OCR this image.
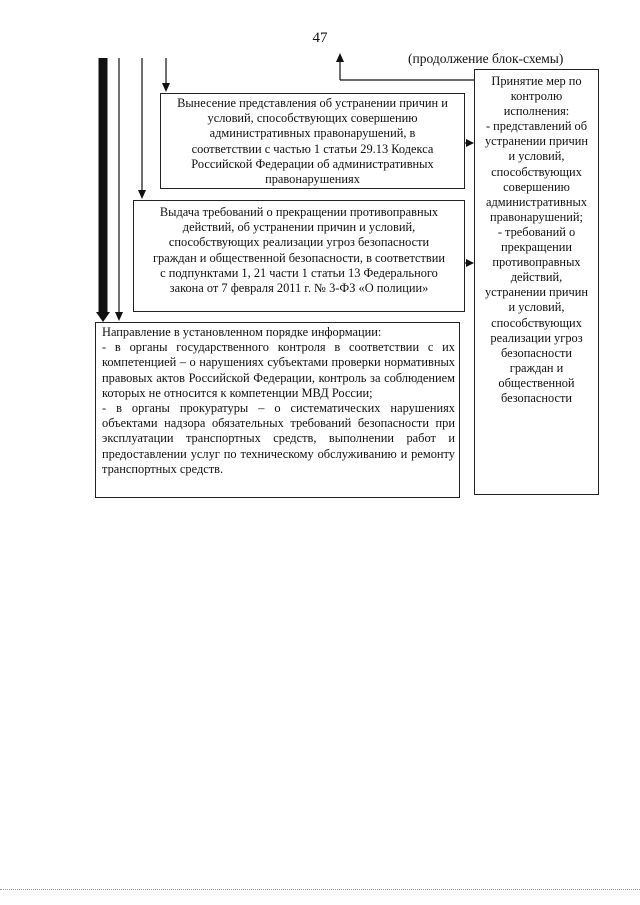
47
(продолжение блок-схемы)
Вынесение представления об устранении причин и
условий, способствующих совершению
административных правонарушений, в
соответствии с частью 1 статьи 29.13 Кодекса
Российской Федерации об административных
правонарушениях
Выдача требований о прекращении противоправных
действий, об устранении причин и условий,
способствующих реализации угроз безопасности
граждан и общественной безопасности, в соответствии
с подпунктами 1, 21 части 1 статьи 13 Федерального
закона от 7 февраля 2011 г. № 3-ФЗ «О полиции»
Направление в установленном порядке информации:
- в органы государственного контроля в соответствии с их компетенцией – о нарушениях субъектами проверки нормативных правовых актов Российской Федерации, контроль за соблюдением которых не относится к компетенции МВД России;
- в органы прокуратуры – о систематических нарушениях объектами надзора обязательных требований безопасности при эксплуатации транспортных средств, выполнении работ и предоставлении услуг по техническому обслуживанию и ремонту транспортных средств.
Принятие мер по
контролю
исполнения:
- представлений об
устранении причин
и условий,
способствующих
совершению
административных
правонарушений;
- требований о
прекращении
противоправных
действий,
устранении причин
и условий,
способствующих
реализации угроз
безопасности
граждан и
общественной
безопасности
